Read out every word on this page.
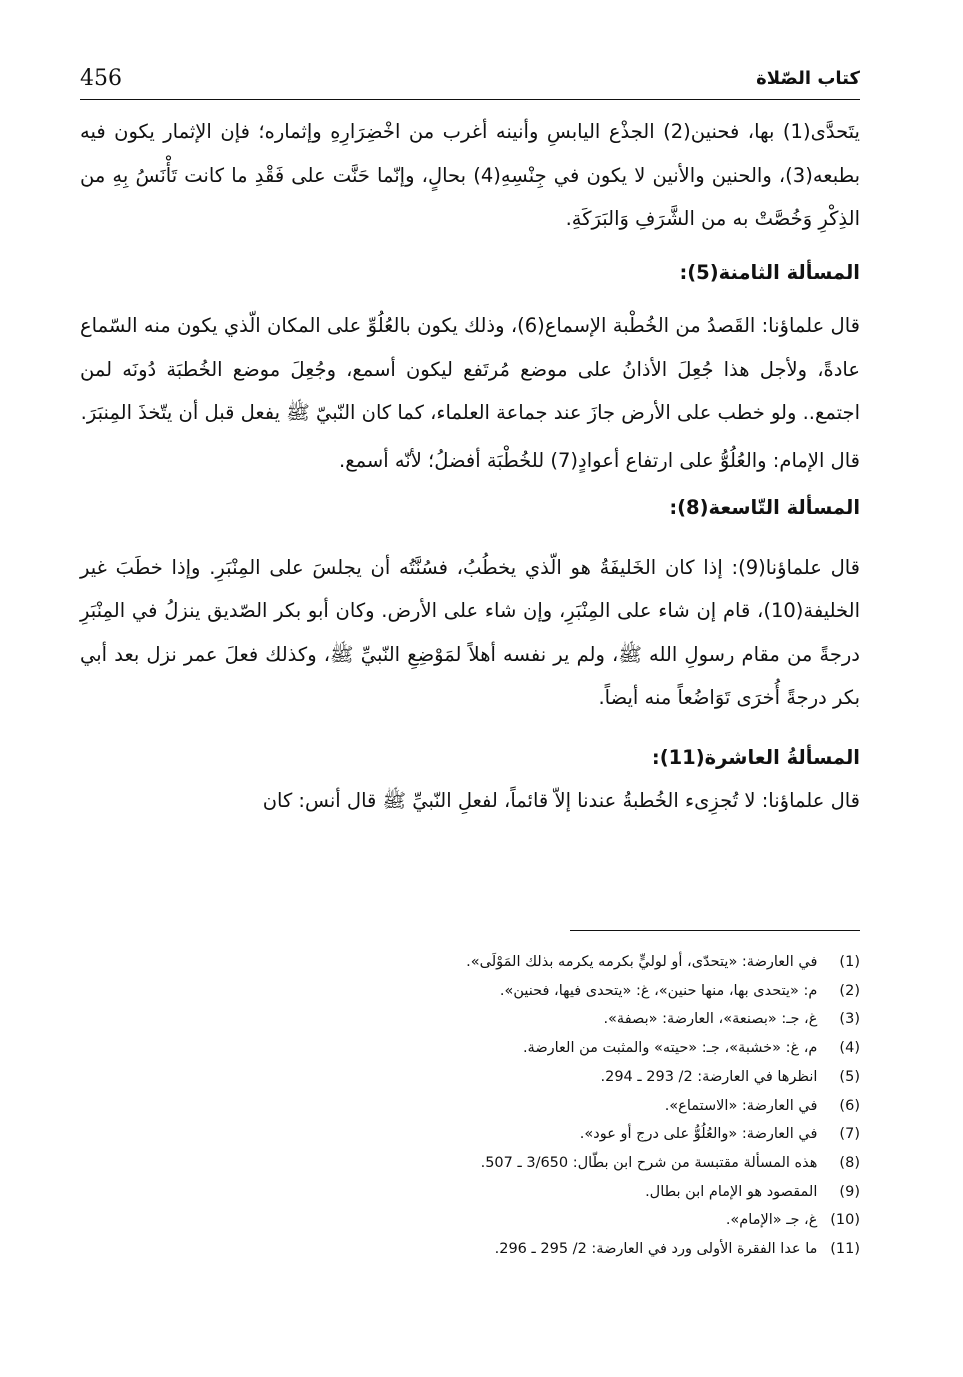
456	كتاب الصّلاة

يتَحدَّى(1) بها، فحنين(2) الجذْع اليابسِ وأنينه أغرب من اخْضِرَارِهِ وإثماره؛ فإن الإثمار يكون فيه بطبعه(3)، والحنين والأنين لا يكون في جِنْسِهِ(4) بحالٍ، وإنّما حَنَّت على فَقْدِ ما كانت تَأْنَسُ بِهِ من الذِكْرِ وَخُصَّتْ به من الشَّرَفِ وَالبَرَكَةِ.

المسألة الثامنة(5):

قال علماؤنا: القَصدُ من الخُطْبة الإسماع(6)، وذلك يكون بالعُلُوِّ على المكان الّذي يكون منه السّماع عادةً، ولأجل هذا جُعِلَ الأذانُ على موضع مُرتَفع ليكون أسمع، وجُعِلَ موضع الخُطبَة دُونَه لمن اجتمع.. ولو خطب على الأرض جازَ عند جماعة العلماء، كما كان النّبيّ ﷺ يفعل قبل أن يتّخذَ المِنبَرَ.

قال الإمام: والعُلُوُّ على ارتفاع أعوادٍ(7) للخُطْبَة أفضلُ؛ لأنّه أسمع.

المسألة التّاسعة(8):

قال علماؤنا(9): إذا كان الخَليفَةُ هو الّذي يخطُبُ، فسُنَّتُه أن يجلسَ على المِنْبَرِ. وإذا خطَبَ غير الخليفة(10)، قام إن شاء على المِنْبَرِ، وإن شاء على الأرض. وكان أبو بكر الصّديق ينزلُ في المِنْبَرِ درجةً من مقام رسولِ الله ﷺ، ولم ير نفسه أهلاً لمَوْضِعِ النّبيِّ ﷺ، وكذلك فعلَ عمر نزل بعد أبي بكر درجةً أُخرَى تَوَاضُعاً منه أيضاً.

المسألةُ العاشرة(11):

قال علماؤنا: لا تُجزِىء الخُطبةُ عندنا إلاّ قائماً، لفعلِ النّبيِّ ﷺ قال أنس: كان

(1) في العارضة: «يتحدّى، أو لوليٍّ بكرمه يكرمه بذلك المَوْلَى».

(2) م: «يتحدى بها، منها حنين»، غ: «يتحدى فيها، فحنين».

(3) غ، جـ: «بصنعة»، العارضة: «بصفة».

(4) م، غ: «خشبة»، جـ: «حيته» والمثبت من العارضة.

(5) انظرها في العارضة: 2/ 293 ـ 294.

(6) في العارضة: «الاستماع».

(7) في العارضة: «والعُلُوُّ على درج أو عود».

(8) هذه المسألة مقتبسة من شرح ابن بطّال: 3/650 ـ 507.

(9) المقصود هو الإمام ابن بطال.

(10) غ، جـ «الإمام».

(11) ما عدا الفقرة الأولى ورد في العارضة: 2/ 295 ـ 296.
